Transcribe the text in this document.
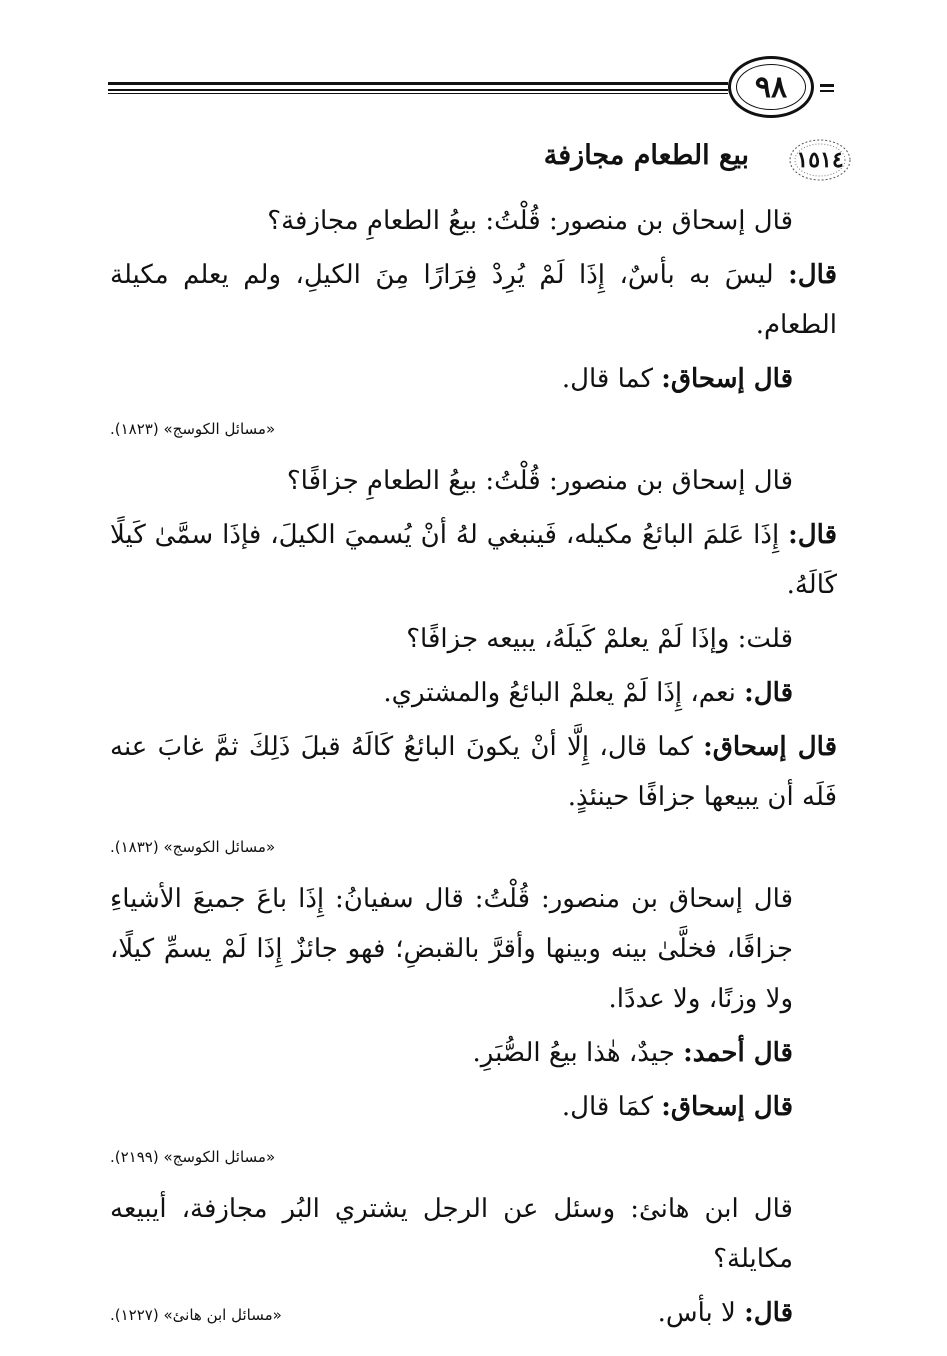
٩٨
١٥١٤
بيع الطعام مجازفة

قال إسحاق بن منصور: قُلْتُ: بيعُ الطعامِ مجازفة؟

قال: ليسَ به بأسٌ، إِذَا لَمْ يُرِدْ فِرَارًا مِنَ الكيلِ، ولم يعلم مكيلة الطعام.

قال إسحاق: كما قال.

«مسائل الكوسج» (١٨٢٣).

قال إسحاق بن منصور: قُلْتُ: بيعُ الطعامِ جزافًا؟

قال: إِذَا عَلمَ البائعُ مكيله، فَينبغي لهُ أنْ يُسميَ الكيلَ، فإذَا سمَّىٰ كَيلًا كَالَهُ.

قلت: وإذَا لَمْ يعلمْ كَيلَهُ، يبيعه جزافًا؟

قال: نعم، إِذَا لَمْ يعلمْ البائعُ والمشتري.

قال إسحاق: كما قال، إِلَّا أنْ يكونَ البائعُ كَالَهُ قبلَ ذَلِكَ ثمَّ غابَ عنه فَلَه أن يبيعها جزافًا حينئذٍ.

«مسائل الكوسج» (١٨٣٢).

قال إسحاق بن منصور: قُلْتُ: قال سفيانُ: إِذَا باعَ جميعَ الأشياءِ جزافًا، فخلَّىٰ بينه وبينها وأقرَّ بالقبضِ؛ فهو جائزٌ إِذَا لَمْ يسمِّ كيلًا، ولا وزنًا، ولا عددًا.

قال أحمد: جيدٌ، هٰذا بيعُ الصُّبَرِ.

قال إسحاق: كمَا قال.

«مسائل الكوسج» (٢١٩٩).

قال ابن هانئ: وسئل عن الرجل يشتري البُر مجازفة، أيبيعه مكايلة؟

قال: لا بأس.

«مسائل ابن هانئ» (١٢٢٧).
